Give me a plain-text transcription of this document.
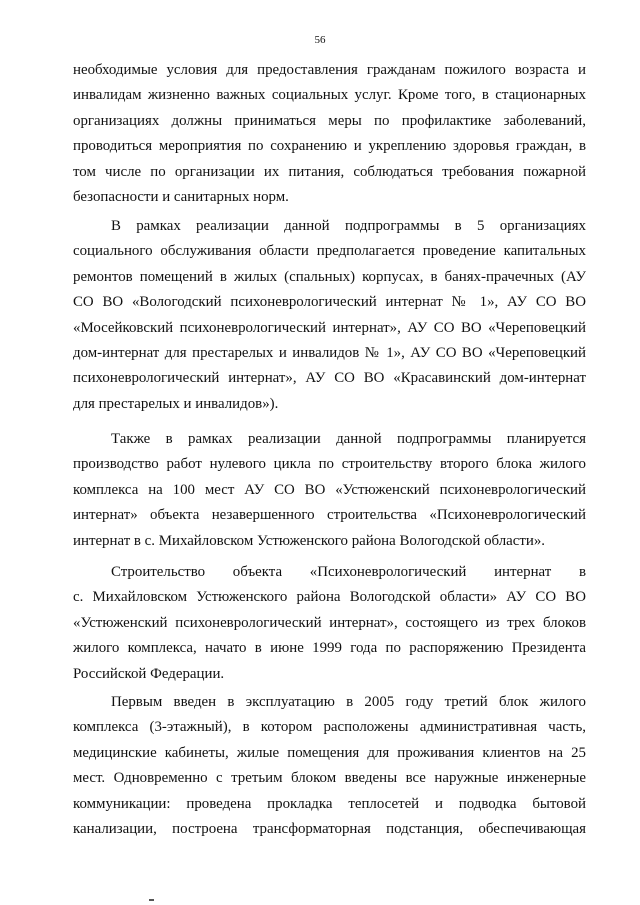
56
необходимые условия для предоставления гражданам пожилого возраста и
инвалидам жизненно важных социальных услуг. Кроме того, в стационарных
организациях должны приниматься меры по профилактике заболеваний,
проводиться мероприятия по сохранению и укреплению здоровья граждан, в
том числе по организации их питания, соблюдаться требования пожарной
безопасности и санитарных норм.
В рамках реализации данной подпрограммы в 5 организациях
социального обслуживания области предполагается проведение капитальных
ремонтов помещений в жилых (спальных) корпусах, в банях-прачечных (АУ
СО ВО «Вологодский психоневрологический интернат № 1», АУ СО ВО
«Мосейковский психоневрологический интернат», АУ СО ВО «Череповецкий
дом-интернат для престарелых и инвалидов № 1», АУ СО ВО «Череповецкий
психоневрологический интернат», АУ СО ВО «Красавинский дом-интернат
для престарелых и инвалидов»).
Также в рамках реализации данной подпрограммы планируется
производство работ нулевого цикла по строительству второго блока жилого
комплекса на 100 мест АУ СО ВО «Устюженский психоневрологический
интернат» объекта незавершенного строительства «Психоневрологический
интернат в с. Михайловском Устюженского района Вологодской области».
Строительство объекта «Психоневрологический интернат в
с. Михайловском Устюженского района Вологодской области» АУ СО ВО
«Устюженский психоневрологический интернат», состоящего из трех блоков
жилого комплекса, начато в июне 1999 года по распоряжению Президента
Российской Федерации.
Первым введен в эксплуатацию в 2005 году третий блок жилого
комплекса (3-этажный), в котором расположены административная часть,
медицинские кабинеты, жилые помещения для проживания клиентов на 25
мест. Одновременно с третьим блоком введены все наружные инженерные
коммуникации: проведена прокладка теплосетей и подводка бытовой
канализации, построена трансформаторная подстанция, обеспечивающая
